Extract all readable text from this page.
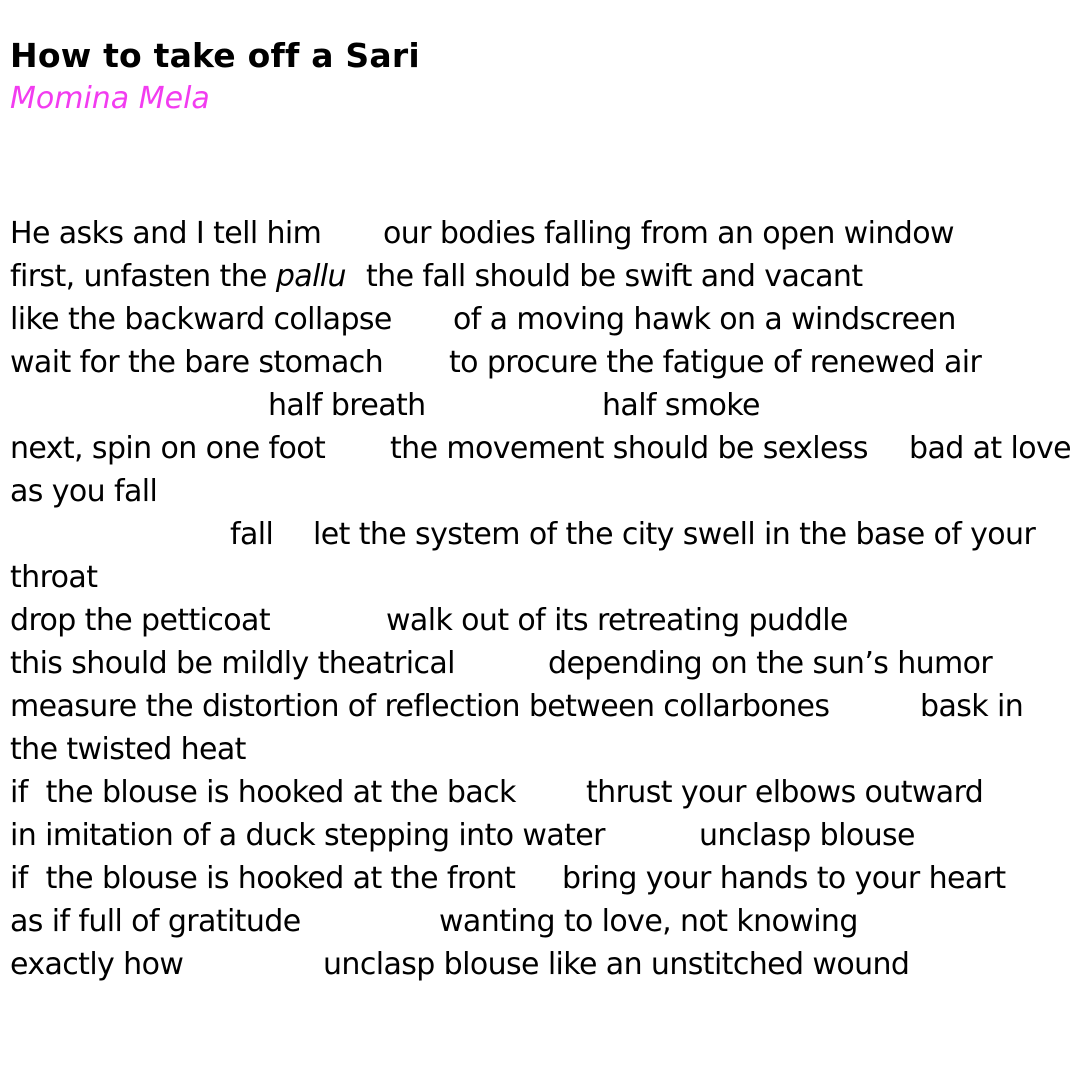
How to take off a Sari
Momina Mela
He asks and I tell him our bodies falling from an open window
first, unfasten the pallu the fall should be swift and vacant
like the backward collapse of a moving hawk on a windscreen
wait for the bare stomach to procure the fatigue of renewed air
half breath	half smoke
next, spin on one foot the movement should be sexless bad at love
as you fall
fall let the system of the city swell in the base of your
throat
drop the petticoat	walk out of its retreating puddle
this should be mildly theatrical	depending on the sun’s humor
measure the distortion of reflection between collarbones	bask in
the twisted heat
if  the blouse is hooked at the back thrust your elbows outward
in imitation of a duck stepping into water	unclasp blouse
if  the blouse is hooked at the front bring your hands to your heart
as if full of gratitude	wanting to love, not knowing
exactly how	unclasp blouse like an unstitched wound
